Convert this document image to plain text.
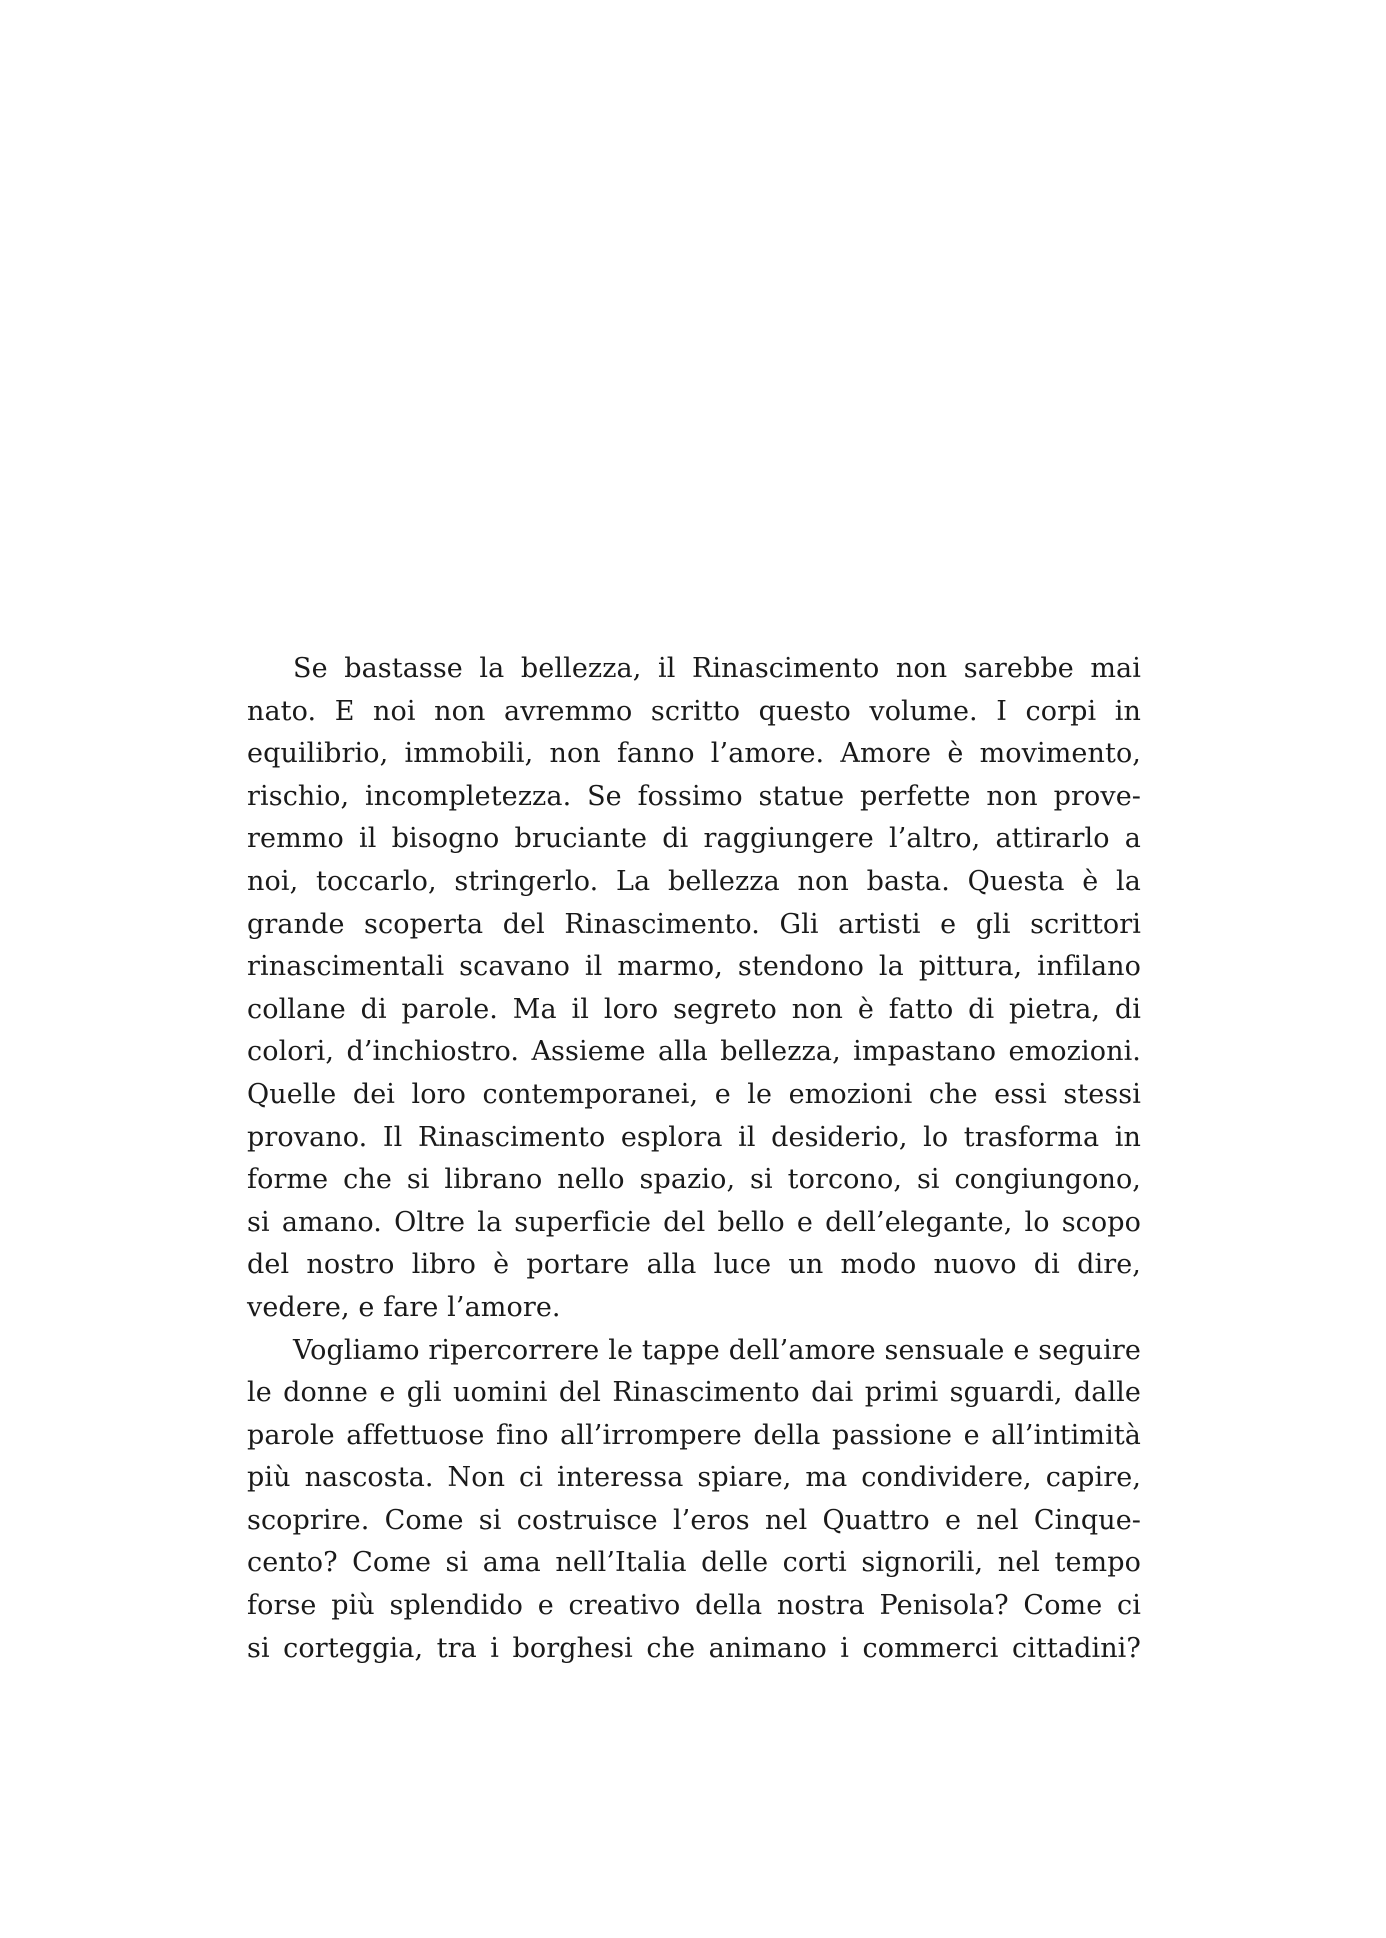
Se bastasse la bellezza, il Rinascimento non sarebbe mai
nato. E noi non avremmo scritto questo volume. I corpi in
equilibrio, immobili, non fanno l’amore. Amore è movimento,
rischio, incompletezza. Se fossimo statue perfette non prove-
remmo il bisogno bruciante di raggiungere l’altro, attirarlo a
noi, toccarlo, stringerlo. La bellezza non basta. Questa è la
grande scoperta del Rinascimento. Gli artisti e gli scrittori
rinascimentali scavano il marmo, stendono la pittura, infilano
collane di parole. Ma il loro segreto non è fatto di pietra, di
colori, d’inchiostro. Assieme alla bellezza, impastano emozioni.
Quelle dei loro contemporanei, e le emozioni che essi stessi
provano. Il Rinascimento esplora il desiderio, lo trasforma in
forme che si librano nello spazio, si torcono, si congiungono,
si amano. Oltre la superficie del bello e dell’elegante, lo scopo
del nostro libro è portare alla luce un modo nuovo di dire,
vedere, e fare l’amore.
Vogliamo ripercorrere le tappe dell’amore sensuale e seguire
le donne e gli uomini del Rinascimento dai primi sguardi, dalle
parole affettuose fino all’irrompere della passione e all’intimità
più nascosta. Non ci interessa spiare, ma condividere, capire,
scoprire. Come si costruisce l’eros nel Quattro e nel Cinque-
cento? Come si ama nell’Italia delle corti signorili, nel tempo
forse più splendido e creativo della nostra Penisola? Come ci
si corteggia, tra i borghesi che animano i commerci cittadini?
